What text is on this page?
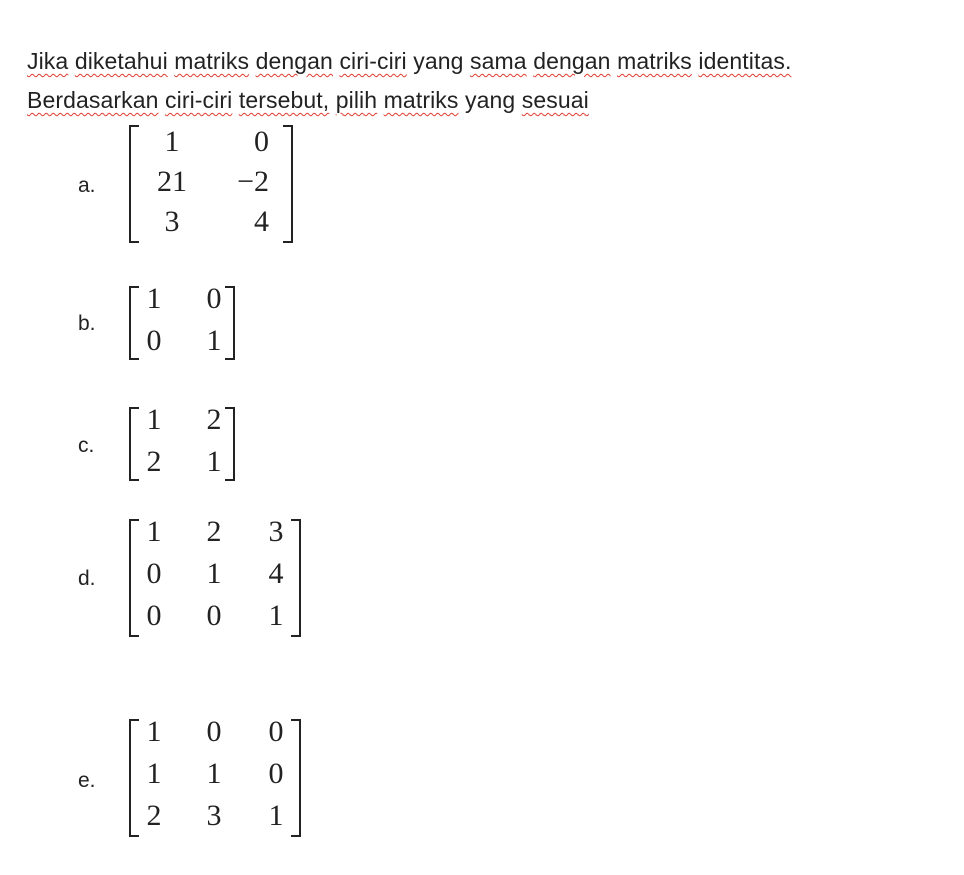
Jika diketahui matriks dengan ciri-ciri yang sama dengan matriks identitas.
Berdasarkan ciri-ciri tersebut, pilih matriks yang sesuai
a.
1	0
21	−2
3	4
b.
1 0
0 1
c.
1 2
2 1
d.
1 2 3
0 1 4
0 0 1
e.
1 0 0
1 1 0
2 3 1
